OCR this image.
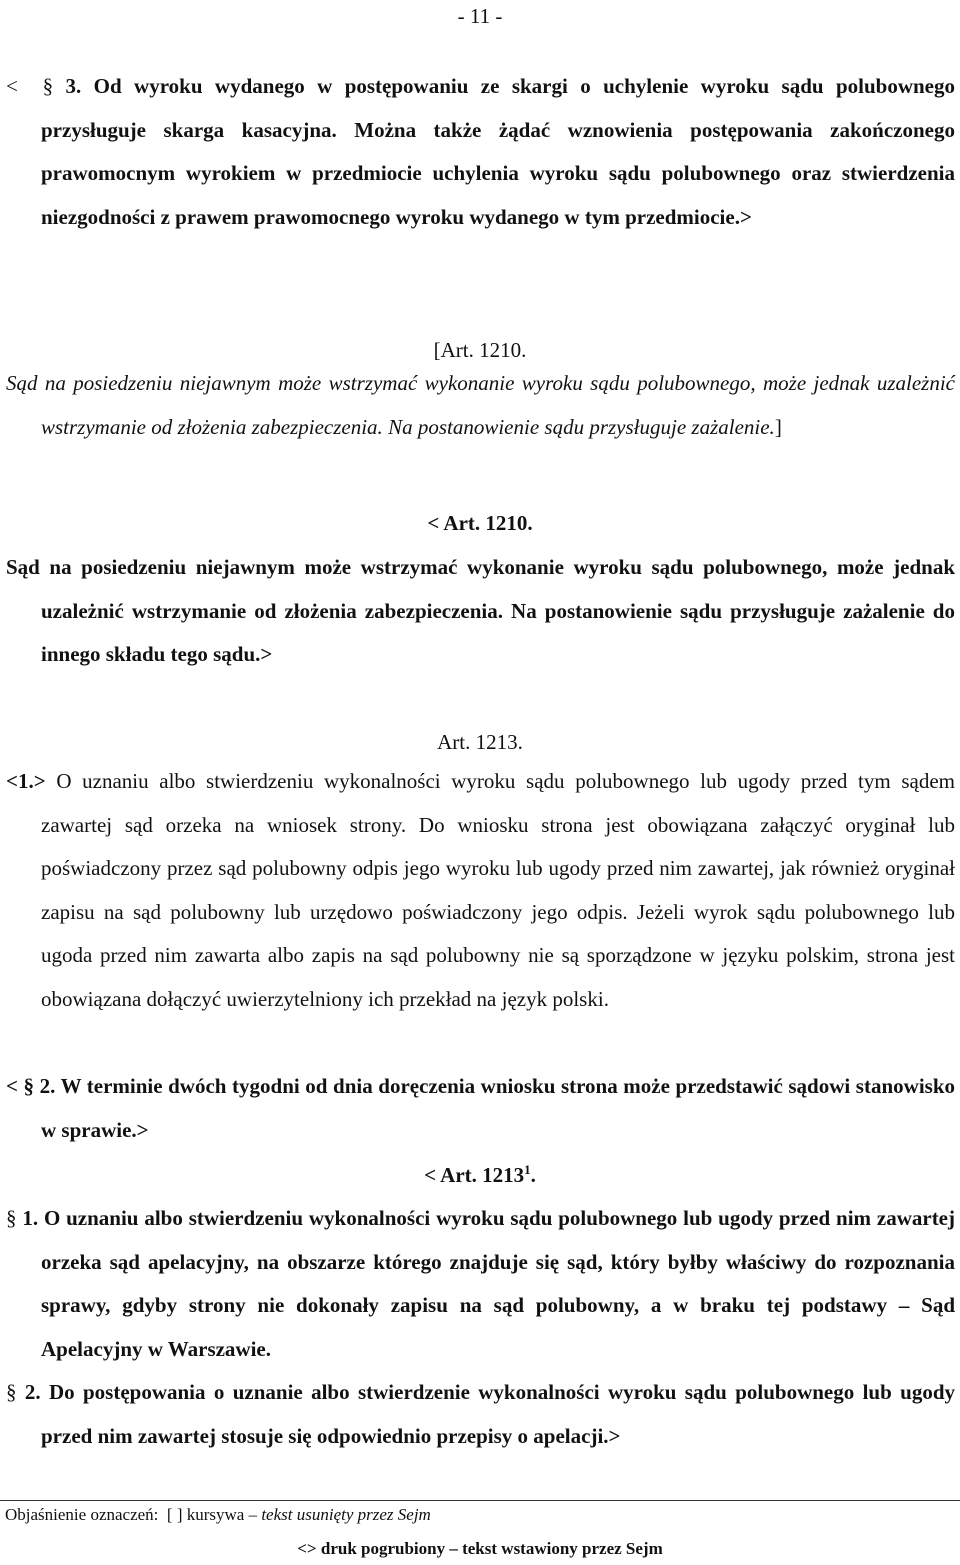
- 11 -
< § 3. Od wyroku wydanego w postępowaniu ze skargi o uchylenie wyroku sądu polubownego przysługuje skarga kasacyjna. Można także żądać wznowienia postępowania zakończonego prawomocnym wyrokiem w przedmiocie uchylenia wyroku sądu polubownego oraz stwierdzenia niezgodności z prawem prawomocnego wyroku wydanego w tym przedmiocie.>
[Art. 1210.
Sąd na posiedzeniu niejawnym może wstrzymać wykonanie wyroku sądu polubownego, może jednak uzależnić wstrzymanie od złożenia zabezpieczenia. Na postanowienie sądu przysługuje zażalenie.]
< Art. 1210.
Sąd na posiedzeniu niejawnym może wstrzymać wykonanie wyroku sądu polubownego, może jednak uzależnić wstrzymanie od złożenia zabezpieczenia. Na postanowienie sądu przysługuje zażalenie do innego składu tego sądu.>
Art. 1213.
<1.> O uznaniu albo stwierdzeniu wykonalności wyroku sądu polubownego lub ugody przed tym sądem zawartej sąd orzeka na wniosek strony. Do wniosku strona jest obowiązana załączyć oryginał lub poświadczony przez sąd polubowny odpis jego wyroku lub ugody przed nim zawartej, jak również oryginał zapisu na sąd polubowny lub urzędowo poświadczony jego odpis. Jeżeli wyrok sądu polubownego lub ugoda przed nim zawarta albo zapis na sąd polubowny nie są sporządzone w języku polskim, strona jest obowiązana dołączyć uwierzytelniony ich przekład na język polski.
< § 2. W terminie dwóch tygodni od dnia doręczenia wniosku strona może przedstawić sądowi stanowisko w sprawie.>
< Art. 1213$^1$.
§ 1. O uznaniu albo stwierdzeniu wykonalności wyroku sądu polubownego lub ugody przed nim zawartej orzeka sąd apelacyjny, na obszarze którego znajduje się sąd, który byłby właściwy do rozpoznania sprawy, gdyby strony nie dokonały zapisu na sąd polubowny, a w braku tej podstawy – Sąd Apelacyjny w Warszawie.
§ 2. Do postępowania o uznanie albo stwierdzenie wykonalności wyroku sądu polubownego lub ugody przed nim zawartej stosuje się odpowiednio przepisy o apelacji.>
Objaśnienie oznaczeń: [ ] kursywa – tekst usunięty przez Sejm
<> druk pogrubiony – tekst wstawiony przez Sejm
